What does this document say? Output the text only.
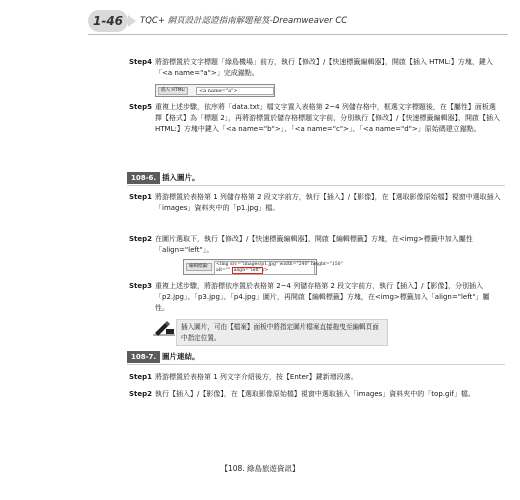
1-46	TQC+ 網頁設計認證指南解題秘笈-Dreamweaver CC
Step4 將游標置於文字標題「綠島機場」前方，執行【修改】/【快速標籤編輯器】，開啟【插入 HTML:】方塊，鍵入「<a name="a">」完成錨點。
插入 HTML:	<a name="a">
Step5 重複上述步驟，依序將「data.txt」檔文字置入表格第 2~4 列儲存格中，框選文字標題後，在【屬性】面板選擇【格式】為「標題 2」，再將游標置於儲存格標題文字前，分別執行【修改】/【快速標籤編輯器】，開啟【插入 HTML:】方塊中鍵入「<a name="b">」、「<a name="c">」、「<a name="d">」原始碼建立錨點。
108-6. 插入圖片。
Step1 將游標置於表格第 1 列儲存格第 2 段文字前方，執行【插入】/【影像】，在【選取影像原始檔】視窗中選取插入「images」資料夾中的「p1.jpg」檔。
Step2 在圖片選取下，執行【修改】/【快速標籤編輯器】，開啟【編輯標籤】方塊，在<img>標籤中加入屬性「align="left"」。
編輯標籤:	<img src="images/p1.jpg" width="240" height="150"
alt="" align="left" />
Step3 重複上述步驟，將游標依序置於表格第 2~4 列儲存格第 2 段文字前方，執行【插入】/【影像】，分別插入「p2.jpg」、「p3.jpg」、「p4.jpg」圖片，再開啟【編輯標籤】方塊，在<img>標籤加入「align="left"」屬性。
插入圖片，可由【檔案】面板中將指定圖片檔案直接拖曳至編輯頁面中指定位置。
108-7. 圖片連結。
Step1 將游標置於表格第 1 列文字介紹後方，按【Enter】鍵新增段落。
Step2 執行【插入】/【影像】，在【選取影像原始檔】視窗中選取插入「images」資料夾中的「top.gif」檔。
【108. 綠島旅遊資訊】
